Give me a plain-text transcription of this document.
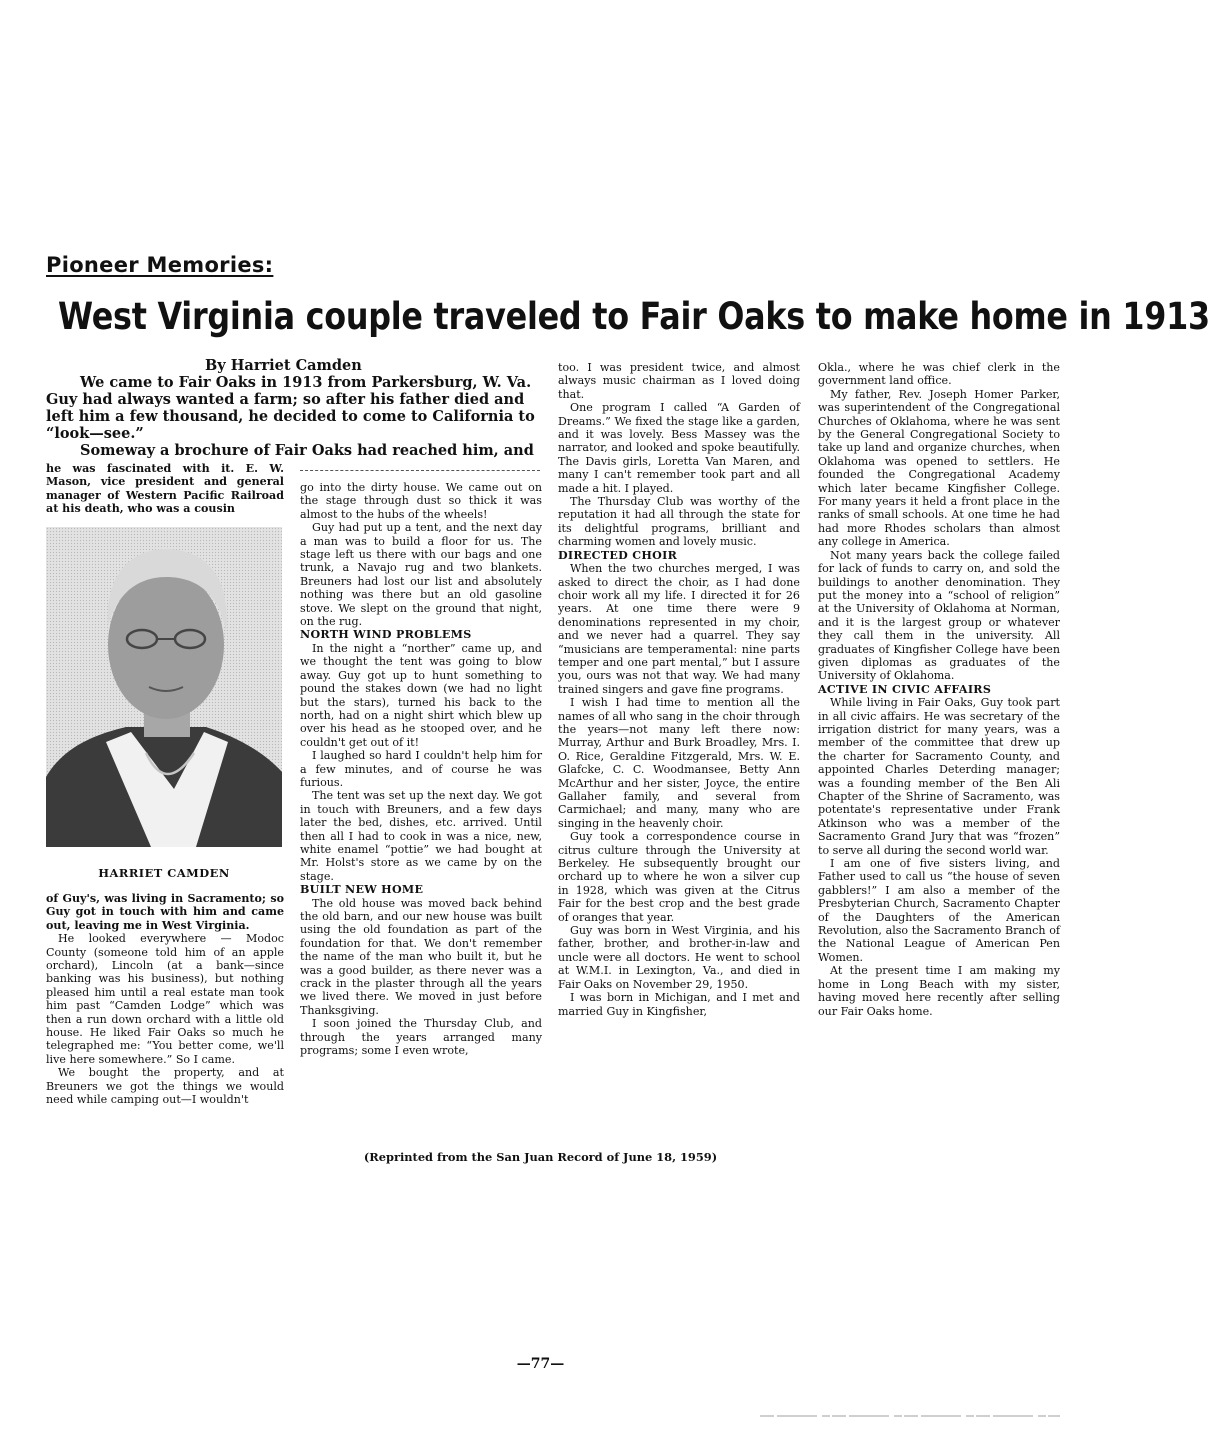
Pioneer Memories:
West Virginia couple traveled to Fair Oaks to make home in 1913
By Harriet Camden

We came to Fair Oaks in 1913 from Parkersburg, W. Va. Guy had always wanted a farm; so after his father died and left him a few thousand, he decided to come to California to “look—see.”

Someway a brochure of Fair Oaks had reached him, and

he was fascinated with it. E. W. Mason, vice president and general manager of Western Pacific Railroad at his death, who was a cousin

HARRIET CAMDEN

of Guy's, was living in Sacramento; so Guy got in touch with him and came out, leaving me in West Virginia.

He looked everywhere — Modoc County (someone told him of an apple orchard), Lincoln (at a bank—since banking was his business), but nothing pleased him until a real estate man took him past “Camden Lodge” which was then a run down orchard with a little old house. He liked Fair Oaks so much he telegraphed me: “You better come, we'll live here somewhere.” So I came.

We bought the property, and at Breuners we got the things we would need while camping out—I wouldn't

go into the dirty house. We came out on the stage through dust so thick it was almost to the hubs of the wheels!

Guy had put up a tent, and the next day a man was to build a floor for us. The stage left us there with our bags and one trunk, a Navajo rug and two blankets. Breuners had lost our list and absolutely nothing was there but an old gasoline stove. We slept on the ground that night, on the rug.

NORTH WIND PROBLEMS

In the night a “norther” came up, and we thought the tent was going to blow away. Guy got up to hunt something to pound the stakes down (we had no light but the stars), turned his back to the north, had on a night shirt which blew up over his head as he stooped over, and he couldn't get out of it!

I laughed so hard I couldn't help him for a few minutes, and of course he was furious.

The tent was set up the next day. We got in touch with Breuners, and a few days later the bed, dishes, etc. arrived. Until then all I had to cook in was a nice, new, white enamel “pottie” we had bought at Mr. Holst's store as we came by on the stage.

BUILT NEW HOME

The old house was moved back behind the old barn, and our new house was built using the old foundation as part of the foundation for that. We don't remember the name of the man who built it, but he was a good builder, as there never was a crack in the plaster through all the years we lived there. We moved in just before Thanksgiving.

I soon joined the Thursday Club, and through the years arranged many programs; some I even wrote,

too. I was president twice, and almost always music chairman as I loved doing that.

One program I called “A Garden of Dreams.” We fixed the stage like a garden, and it was lovely. Bess Massey was the narrator, and looked and spoke beautifully. The Davis girls, Loretta Van Maren, and many I can't remember took part and all made a hit. I played.

The Thursday Club was worthy of the reputation it had all through the state for its delightful programs, brilliant and charming women and lovely music.

DIRECTED CHOIR

When the two churches merged, I was asked to direct the choir, as I had done choir work all my life. I directed it for 26 years. At one time there were 9 denominations represented in my choir, and we never had a quarrel. They say “musicians are temperamental: nine parts temper and one part mental,” but I assure you, ours was not that way. We had many trained singers and gave fine programs.

I wish I had time to mention all the names of all who sang in the choir through the years—not many left there now: Murray, Arthur and Burk Broadley, Mrs. I. O. Rice, Geraldine Fitzgerald, Mrs. W. E. Glafcke, C. C. Woodmansee, Betty Ann McArthur and her sister, Joyce, the entire Gallaher family, and several from Carmichael; and many, many who are singing in the heavenly choir.

Guy took a correspondence course in citrus culture through the University at Berkeley. He subsequently brought our orchard up to where he won a silver cup in 1928, which was given at the Citrus Fair for the best crop and the best grade of oranges that year.

Guy was born in West Virginia, and his father, brother, and brother-in-law and uncle were all doctors. He went to school at W.M.I. in Lexington, Va., and died in Fair Oaks on November 29, 1950.

I was born in Michigan, and I met and married Guy in Kingfisher,

Okla., where he was chief clerk in the government land office.

My father, Rev. Joseph Homer Parker, was superintendent of the Congregational Churches of Oklahoma, where he was sent by the General Congregational Society to take up land and organize churches, when Oklahoma was opened to settlers. He founded the Congregational Academy which later became Kingfisher College. For many years it held a front place in the ranks of small schools. At one time he had had more Rhodes scholars than almost any college in America.

Not many years back the college failed for lack of funds to carry on, and sold the buildings to another denomination. They put the money into a “school of religion” at the University of Oklahoma at Norman, and it is the largest group or whatever they call them in the university. All graduates of Kingfisher College have been given diplomas as graduates of the University of Oklahoma.

ACTIVE IN CIVIC AFFAIRS

While living in Fair Oaks, Guy took part in all civic affairs. He was secretary of the irrigation district for many years, was a member of the committee that drew up the charter for Sacramento County, and appointed Charles Deterding manager; was a founding member of the Ben Ali Chapter of the Shrine of Sacramento, was potentate's representative under Frank Atkinson who was a member of the Sacramento Grand Jury that was “frozen” to serve all during the second world war.

I am one of five sisters living, and Father used to call us “the house of seven gabblers!” I am also a member of the Presbyterian Church, Sacramento Chapter of the Daughters of the American Revolution, also the Sacramento Branch of the National League of American Pen Women.

At the present time I am making my home in Long Beach with my sister, having moved here recently after selling our Fair Oaks home.

(Reprinted from the San Juan Record of June 18, 1959)
—77—
